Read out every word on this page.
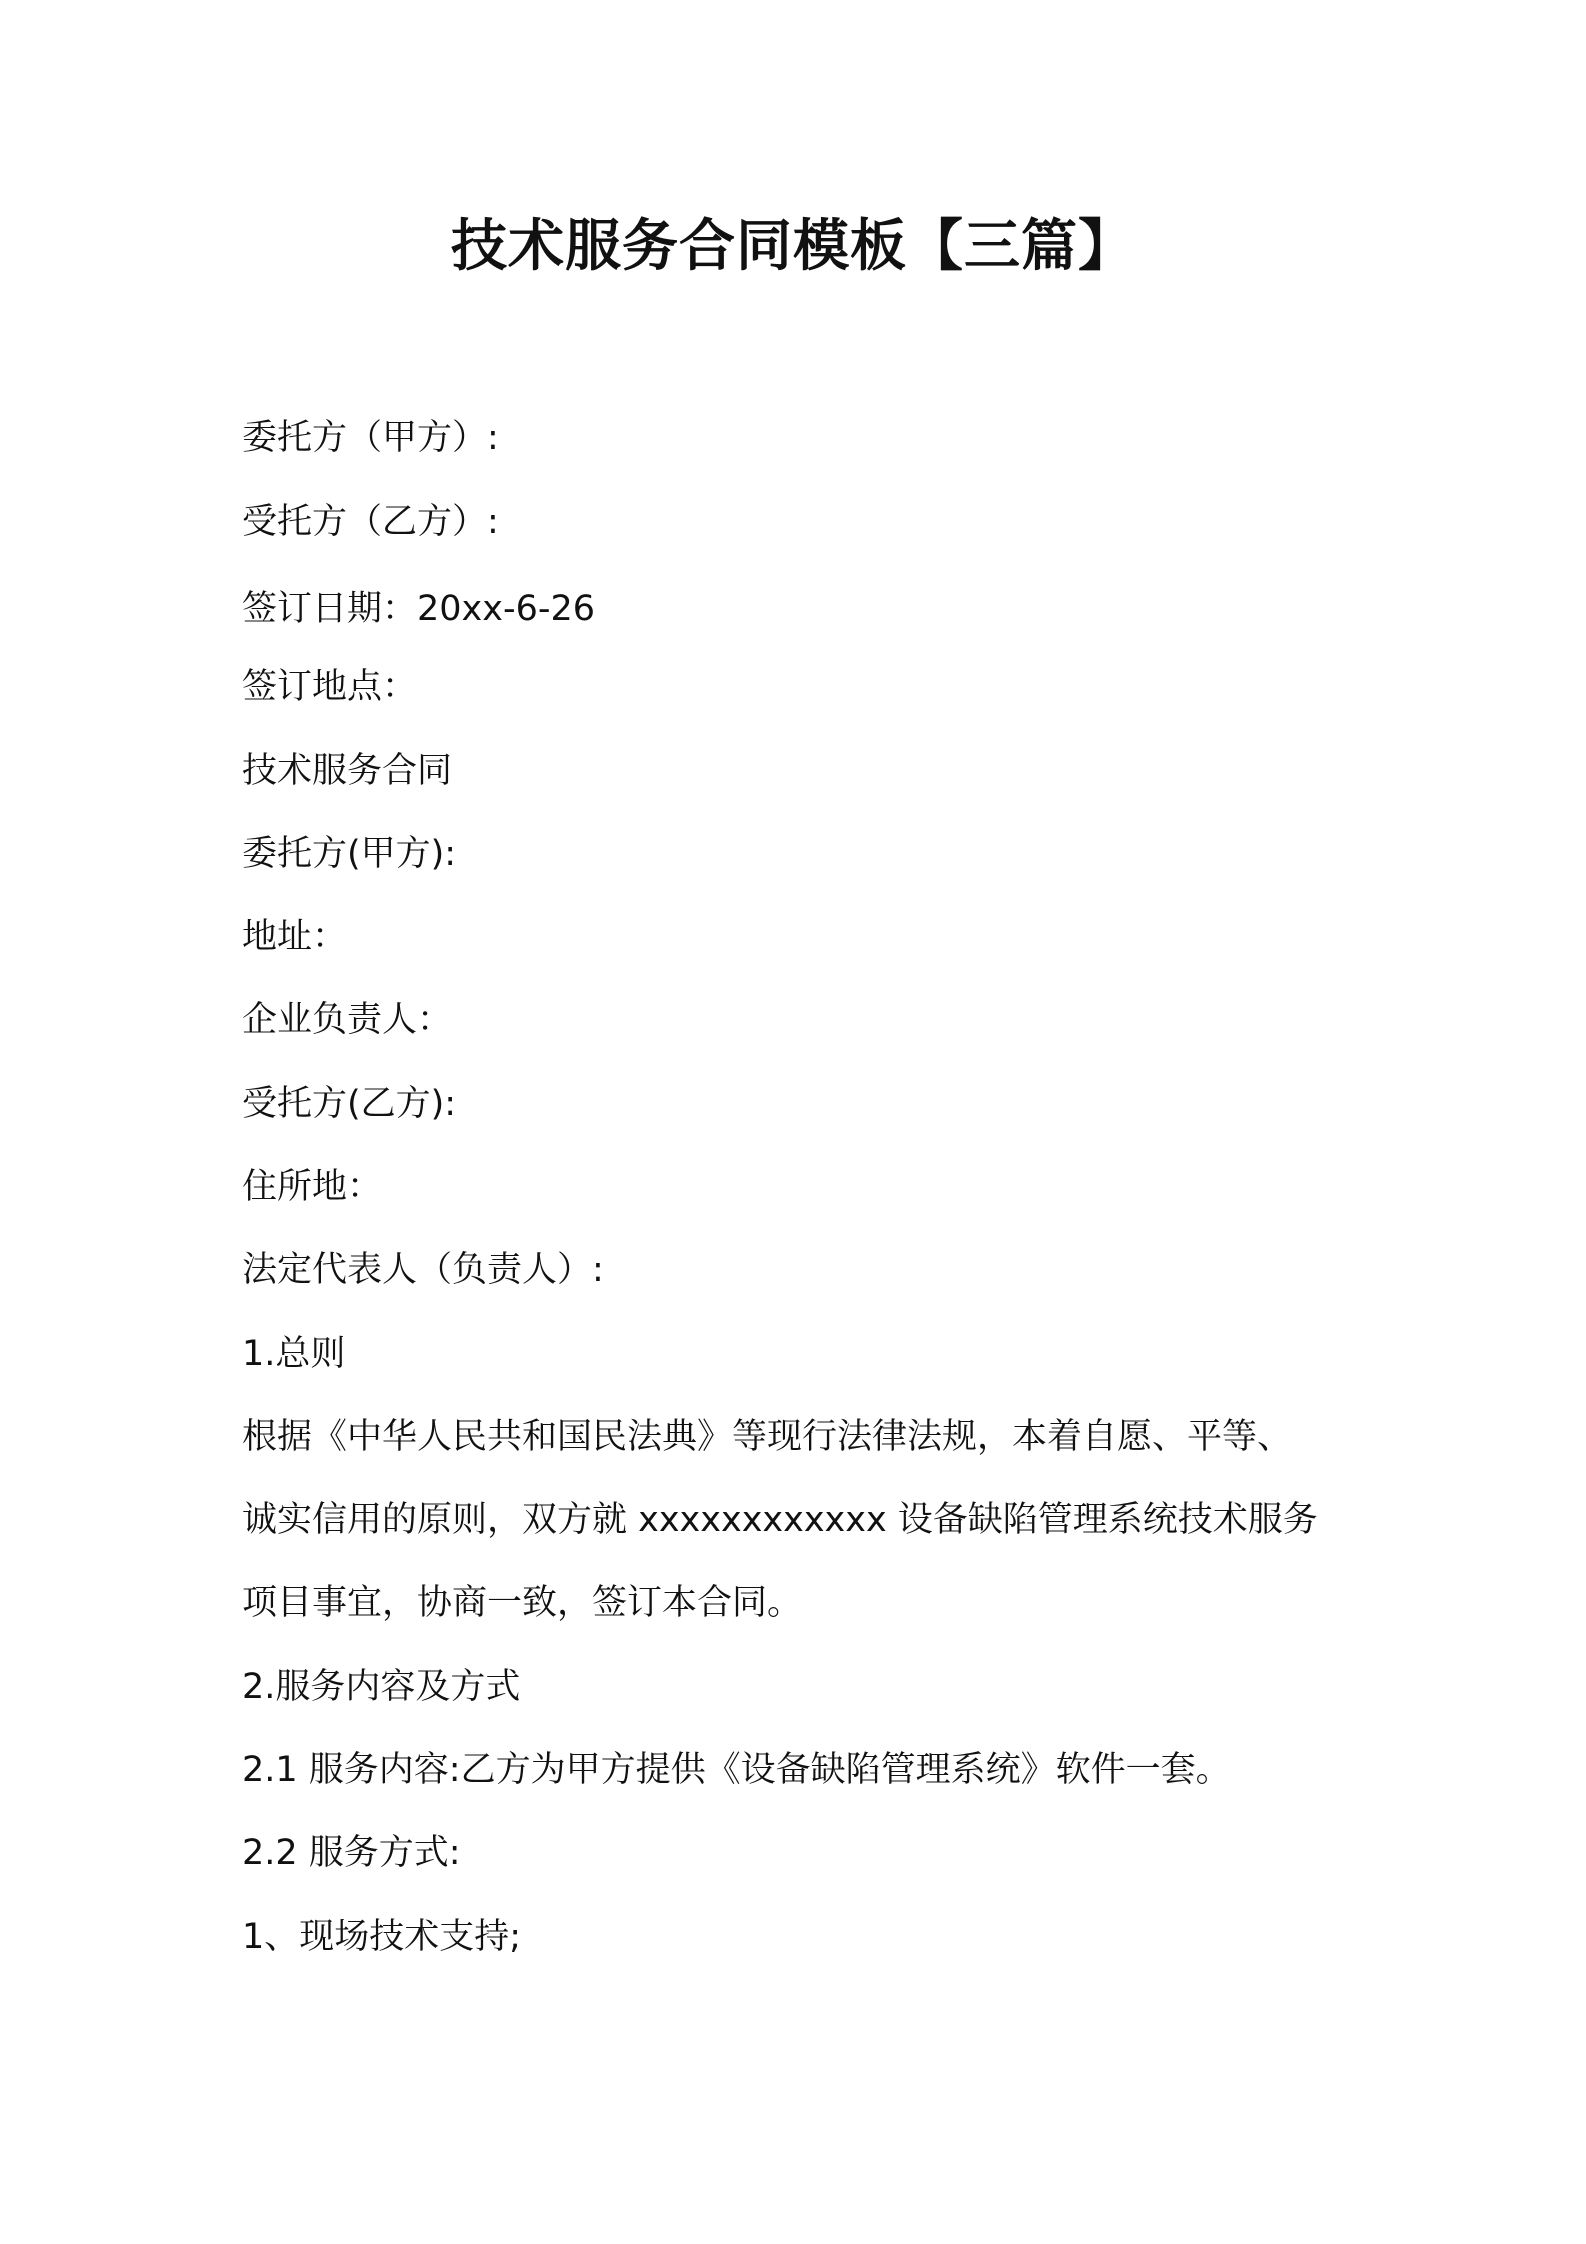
技术服务合同模板【三篇】

委托方（甲方）:

受托方（乙方）:

签订日期：20xx-6-26

签订地点：

技术服务合同

委托方(甲方):

地址：

企业负责人：

受托方(乙方):

住所地：

法定代表人（负责人）:

1.总则

根据《中华人民共和国民法典》等现行法律法规，本着自愿、平等、

诚实信用的原则，双方就 xxxxxxxxxxxx 设备缺陷管理系统技术服务

项目事宜，协商一致，签订本合同。

2.服务内容及方式

2.1 服务内容:乙方为甲方提供《设备缺陷管理系统》软件一套。

2.2 服务方式:

1、现场技术支持;
